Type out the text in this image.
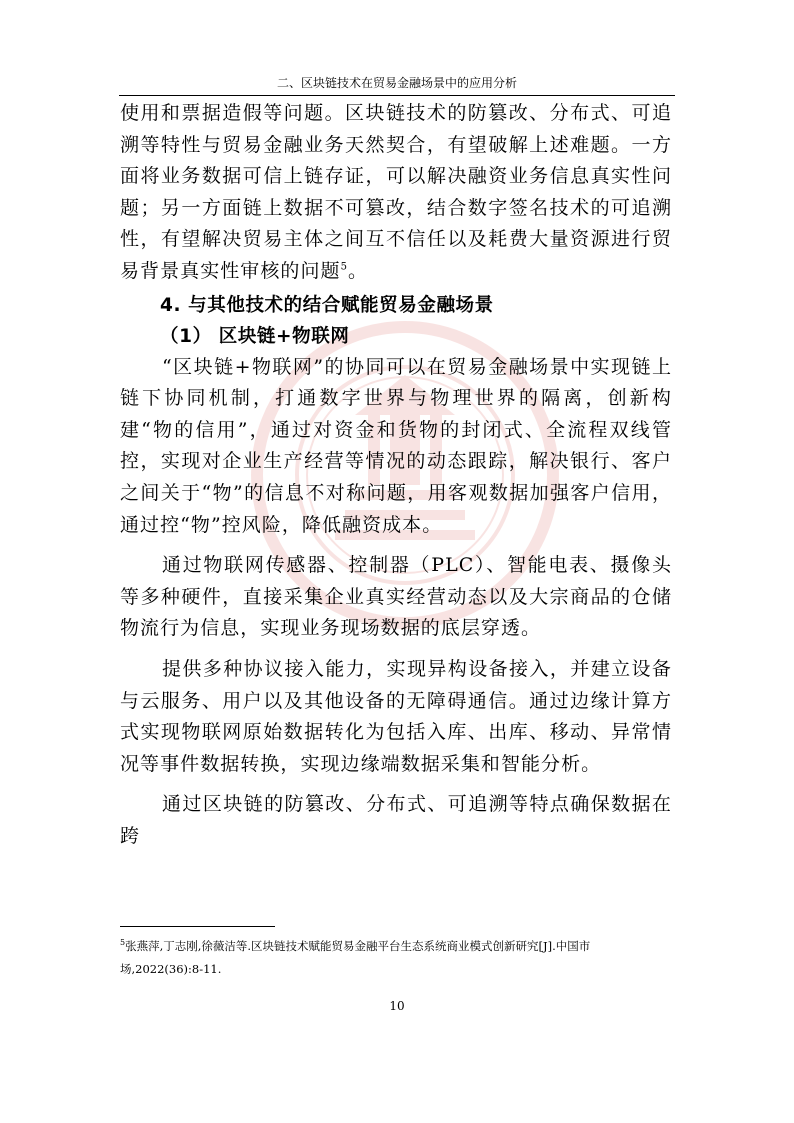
二、区块链技术在贸易金融场景中的应用分析

使用和票据造假等问题。区块链技术的防篡改、分布式、可追溯等特性与贸易金融业务天然契合，有望破解上述难题。一方面将业务数据可信上链存证，可以解决融资业务信息真实性问题；另一方面链上数据不可篡改，结合数字签名技术的可追溯性，有望解决贸易主体之间互不信任以及耗费大量资源进行贸易背景真实性审核的问题$^5$。

4. 与其他技术的结合赋能贸易金融场景
（1） 区块链+物联网

“区块链+物联网”的协同可以在贸易金融场景中实现链上链下协同机制，打通数字世界与物理世界的隔离，创新构建“物的信用”，通过对资金和货物的封闭式、全流程双线管控，实现对企业生产经营等情况的动态跟踪，解决银行、客户之间关于“物”的信息不对称问题，用客观数据加强客户信用，通过控“物”控风险，降低融资成本。

通过物联网传感器、控制器（PLC）、智能电表、摄像头等多种硬件，直接采集企业真实经营动态以及大宗商品的仓储物流行为信息，实现业务现场数据的底层穿透。

提供多种协议接入能力，实现异构设备接入，并建立设备与云服务、用户以及其他设备的无障碍通信。通过边缘计算方式实现物联网原始数据转化为包括入库、出库、移动、异常情况等事件数据转换，实现边缘端数据采集和智能分析。

通过区块链的防篡改、分布式、可追溯等特点确保数据在跨

$^5$张燕萍,丁志刚,徐薇洁等.区块链技术赋能贸易金融平台生态系统商业模式创新研究[J].中国市场,2022(36):8-11.
10
